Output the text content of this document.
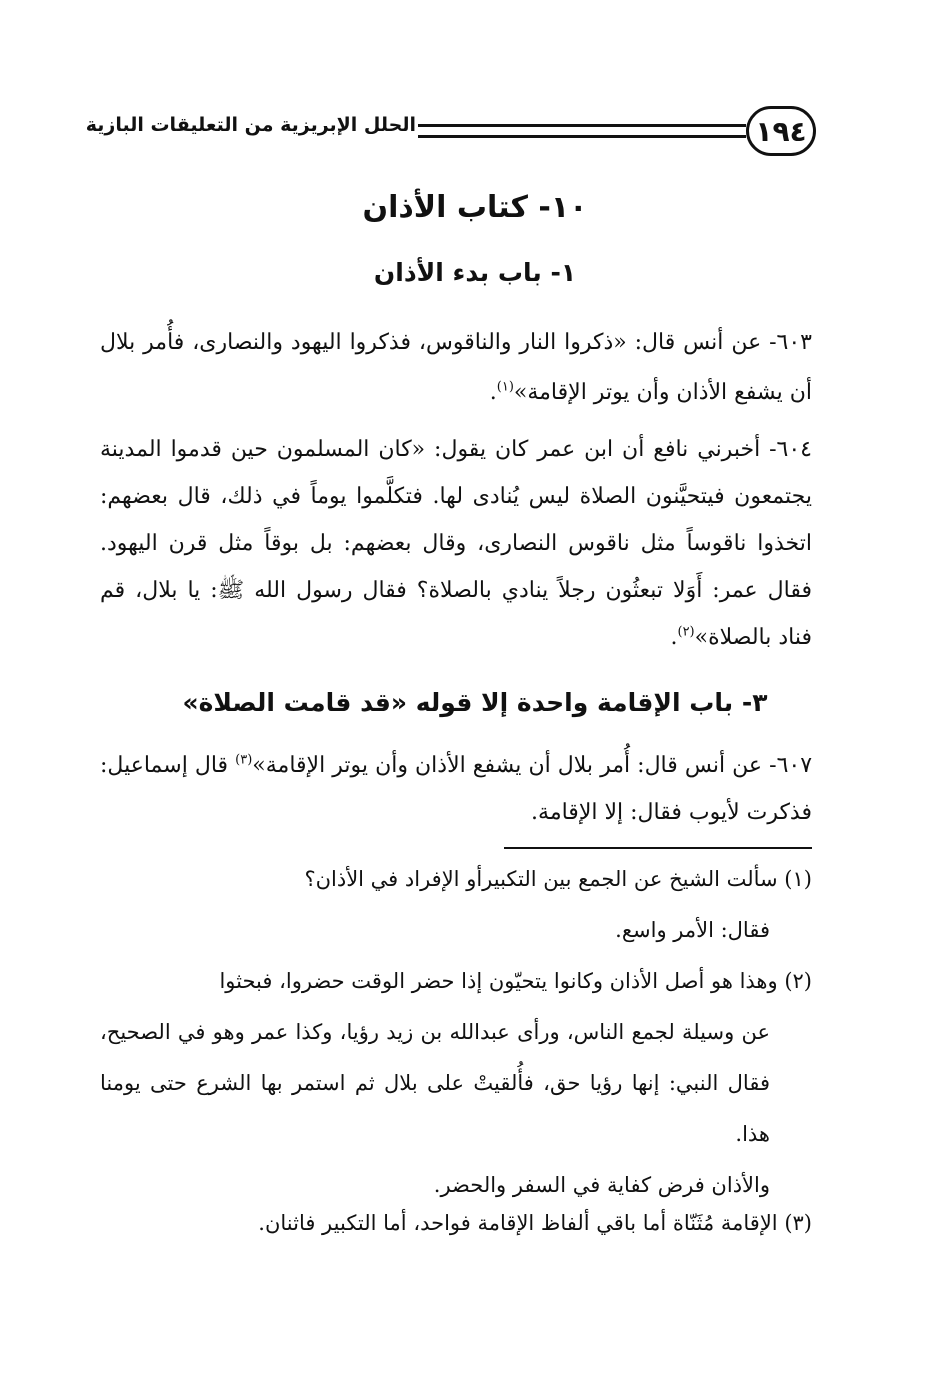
١٩٤
الحلل الإبريزية من التعليقات البازية
١٠- كتاب الأذان
١- باب بدء الأذان
٦٠٣- عن أنس قال: «ذكروا النار والناقوس، فذكروا اليهود والنصارى، فأُمر بلال أن يشفع الأذان وأن يوتر الإقامة»$^{(١)}$.
٦٠٤- أخبرني نافع أن ابن عمر كان يقول: «كان المسلمون حين قدموا المدينة يجتمعون فيتحيَّنون الصلاة ليس يُنادى لها. فتكلَّموا يوماً في ذلك، قال بعضهم: اتخذوا ناقوساً مثل ناقوس النصارى، وقال بعضهم: بل بوقاً مثل قرن اليهود. فقال عمر: أَوَلا تبعثُون رجلاً ينادي بالصلاة؟ فقال رسول الله ﷺ: يا بلال، قم فناد بالصلاة»$^{(٢)}$.
٣- باب الإقامة واحدة إلا قوله «قد قامت الصلاة»
٦٠٧- عن أنس قال: أُمر بلال أن يشفع الأذان وأن يوتر الإقامة»$^{(٣)}$ قال إسماعيل: فذكرت لأيوب فقال: إلا الإقامة.
(١) سألت الشيخ عن الجمع بين التكبيرأو الإفراد في الأذان؟
فقال: الأمر واسع.
(٢) وهذا هو أصل الأذان وكانوا يتحيّون إذا حضر الوقت حضروا، فبحثوا
عن وسيلة لجمع الناس، ورأى عبدالله بن زيد رؤيا، وكذا عمر وهو في الصحيح، فقال النبي: إنها رؤيا حق، فأُلقيتْ على بلال ثم استمر بها الشرع حتى يومنا هذا.
والأذان فرض كفاية في السفر والحضر.
(٣) الإقامة مُثَنّاة أما باقي ألفاظ الإقامة فواحد، أما التكبير فاثنان.
